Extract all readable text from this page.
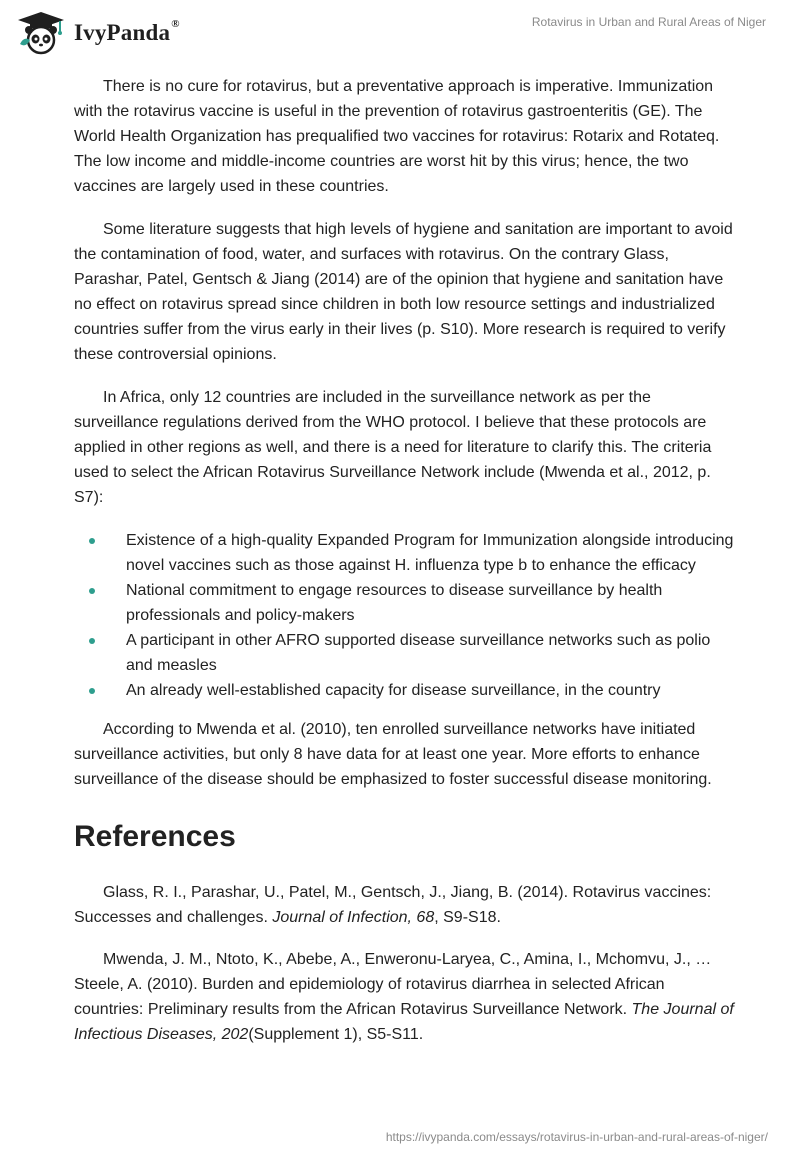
IvyPanda®	Rotavirus in Urban and Rural Areas of Niger

There is no cure for rotavirus, but a preventative approach is imperative. Immunization with the rotavirus vaccine is useful in the prevention of rotavirus gastroenteritis (GE). The World Health Organization has prequalified two vaccines for rotavirus: Rotarix and Rotateq. The low income and middle-income countries are worst hit by this virus; hence, the two vaccines are largely used in these countries.

Some literature suggests that high levels of hygiene and sanitation are important to avoid the contamination of food, water, and surfaces with rotavirus. On the contrary Glass, Parashar, Patel, Gentsch & Jiang (2014) are of the opinion that hygiene and sanitation have no effect on rotavirus spread since children in both low resource settings and industrialized countries suffer from the virus early in their lives (p. S10). More research is required to verify these controversial opinions.

In Africa, only 12 countries are included in the surveillance network as per the surveillance regulations derived from the WHO protocol. I believe that these protocols are applied in other regions as well, and there is a need for literature to clarify this. The criteria used to select the African Rotavirus Surveillance Network include (Mwenda et al., 2012, p. S7):

Existence of a high-quality Expanded Program for Immunization alongside introducing novel vaccines such as those against H. influenza type b to enhance the efficacy
National commitment to engage resources to disease surveillance by health professionals and policy-makers
A participant in other AFRO supported disease surveillance networks such as polio and measles
An already well-established capacity for disease surveillance, in the country

According to Mwenda et al. (2010), ten enrolled surveillance networks have initiated surveillance activities, but only 8 have data for at least one year. More efforts to enhance surveillance of the disease should be emphasized to foster successful disease monitoring.

References

Glass, R. I., Parashar, U., Patel, M., Gentsch, J., Jiang, B. (2014). Rotavirus vaccines: Successes and challenges. Journal of Infection, 68, S9-S18.

Mwenda, J. M., Ntoto, K., Abebe, A., Enweronu-Laryea, C., Amina, I., Mchomvu, J., … Steele, A. (2010). Burden and epidemiology of rotavirus diarrhea in selected African countries: Preliminary results from the African Rotavirus Surveillance Network. The Journal of Infectious Diseases, 202(Supplement 1), S5-S11.

https://ivypanda.com/essays/rotavirus-in-urban-and-rural-areas-of-niger/
